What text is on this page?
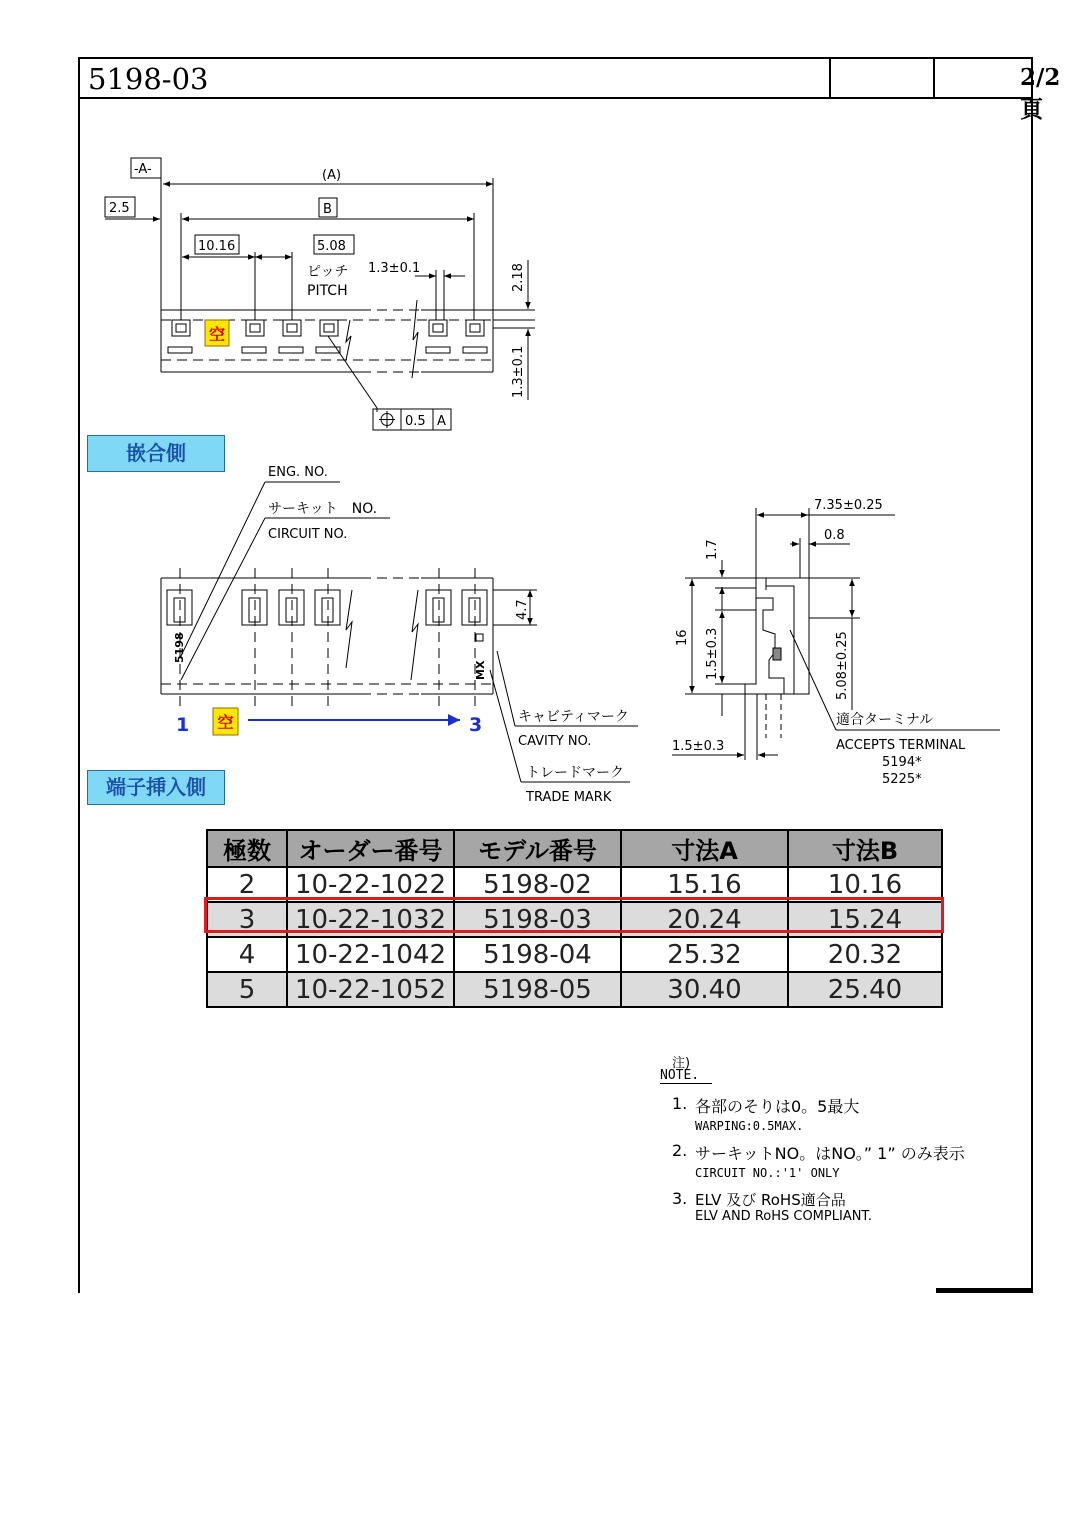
5198-03	2/2頁
空
-A-	(A)
2.5	B
10.16	5.08
ピッチ
PITCH
1.3±0.1	2.18
1.3±0.1
0.5 A
ENG. NO.
サーキット　NO.
CIRCUIT NO.
4.7
5198
MX
キャビティマーク
CAVITY NO.
トレードマーク
TRADE MARK
1 空	3
7.35±0.25
0.8
1.7
16 1.5±0.3	5.08±0.25
1.5±0.3
適合ターミナル
ACCEPTS TERMINAL
5194*
5225*
嵌合側
端子挿入側
極数	オーダー番号	モデル番号	寸法A	寸法B
2	10-22-1022	5198-02	15.16	10.16
3	10-22-1032	5198-03	20.24	15.24
4	10-22-1042	5198-04	25.32	20.32
5	10-22-1052	5198-05	30.40	25.40
注)
NOTE.
1. 各部のそりは0。5最大
WARPING:0.5MAX.
2. サーキットNO。はNO。” 1” のみ表示
CIRCUIT NO.:'1' ONLY
3. ELV 及び RoHS適合品
ELV AND RoHS COMPLIANT.
